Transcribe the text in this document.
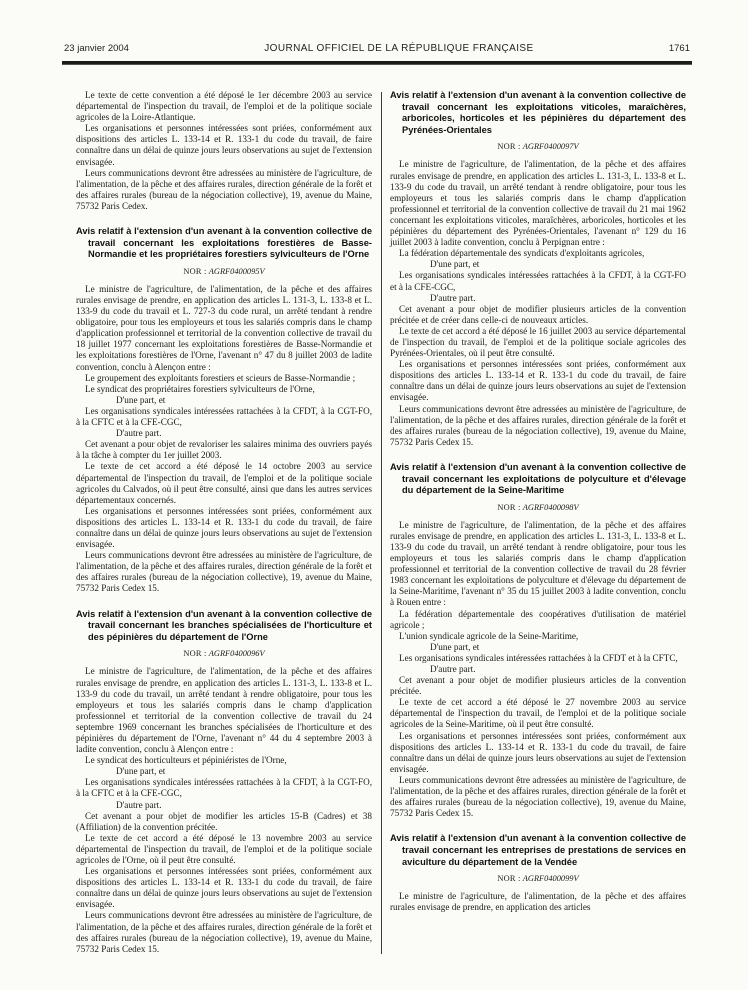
23 janvier 2004	JOURNAL OFFICIEL DE LA RÉPUBLIQUE FRANÇAISE	1761
Le texte de cette convention a été déposé le 1er décembre 2003 au service départemental de l'inspection du travail, de l'emploi et de la politique sociale agricoles de la Loire-Atlantique.
Les organisations et personnes intéressées sont priées, conformément aux dispositions des articles L. 133-14 et R. 133-1 du code du travail, de faire connaître dans un délai de quinze jours leurs observations au sujet de l'extension envisagée.
Leurs communications devront être adressées au ministère de l'agriculture, de l'alimentation, de la pêche et des affaires rurales, direction générale de la forêt et des affaires rurales (bureau de la négociation collective), 19, avenue du Maine, 75732 Paris Cedex.
Avis relatif à l'extension d'un avenant à la convention collective de travail concernant les exploitations forestières de Basse-Normandie et les propriétaires forestiers sylviculteurs de l'Orne
NOR : AGRF0400095V
Le ministre de l'agriculture, de l'alimentation, de la pêche et des affaires rurales envisage de prendre, en application des articles L. 131-3, L. 133-8 et L. 133-9 du code du travail et L. 727-3 du code rural, un arrêté tendant à rendre obligatoire, pour tous les employeurs et tous les salariés compris dans le champ d'application professionnel et territorial de la convention collective de travail du 18 juillet 1977 concernant les exploitations forestières de Basse-Normandie et les exploitations forestières de l'Orne, l'avenant n° 47 du 8 juillet 2003 de ladite convention, conclu à Alençon entre :
Le groupement des exploitants forestiers et scieurs de Basse-Normandie ;
Le syndicat des propriétaires forestiers sylviculteurs de l'Orne,
D'une part, et
Les organisations syndicales intéressées rattachées à la CFDT, à la CGT-FO, à la CFTC et à la CFE-CGC,
D'autre part.
Cet avenant a pour objet de revaloriser les salaires minima des ouvriers payés à la tâche à compter du 1er juillet 2003.
Le texte de cet accord a été déposé le 14 octobre 2003 au service départemental de l'inspection du travail, de l'emploi et de la politique sociale agricoles du Calvados, où il peut être consulté, ainsi que dans les autres services départementaux concernés.
Les organisations et personnes intéressées sont priées, conformément aux dispositions des articles L. 133-14 et R. 133-1 du code du travail, de faire connaître dans un délai de quinze jours leurs observations au sujet de l'extension envisagée.
Leurs communications devront être adressées au ministère de l'agriculture, de l'alimentation, de la pêche et des affaires rurales, direction générale de la forêt et des affaires rurales (bureau de la négociation collective), 19, avenue du Maine, 75732 Paris Cedex 15.
Avis relatif à l'extension d'un avenant à la convention collective de travail concernant les branches spécialisées de l'horticulture et des pépinières du département de l'Orne
NOR : AGRF0400096V
Le ministre de l'agriculture, de l'alimentation, de la pêche et des affaires rurales envisage de prendre, en application des articles L. 131-3, L. 133-8 et L. 133-9 du code du travail, un arrêté tendant à rendre obligatoire, pour tous les employeurs et tous les salariés compris dans le champ d'application professionnel et territorial de la convention collective de travail du 24 septembre 1969 concernant les branches spécialisées de l'horticulture et des pépinières du département de l'Orne, l'avenant n° 44 du 4 septembre 2003 à ladite convention, conclu à Alençon entre :
Le syndicat des horticulteurs et pépiniéristes de l'Orne,
D'une part, et
Les organisations syndicales intéressées rattachées à la CFDT, à la CGT-FO, à la CFTC et à la CFE-CGC,
D'autre part.
Cet avenant a pour objet de modifier les articles 15-B (Cadres) et 38 (Affiliation) de la convention précitée.
Le texte de cet accord a été déposé le 13 novembre 2003 au service départemental de l'inspection du travail, de l'emploi et de la politique sociale agricoles de l'Orne, où il peut être consulté.
Les organisations et personnes intéressées sont priées, conformément aux dispositions des articles L. 133-14 et R. 133-1 du code du travail, de faire connaître dans un délai de quinze jours leurs observations au sujet de l'extension envisagée.
Leurs communications devront être adressées au ministère de l'agriculture, de l'alimentation, de la pêche et des affaires rurales, direction générale de la forêt et des affaires rurales (bureau de la négociation collective), 19, avenue du Maine, 75732 Paris Cedex 15.
Avis relatif à l'extension d'un avenant à la convention collective de travail concernant les exploitations viticoles, maraîchères, arboricoles, horticoles et les pépinières du département des Pyrénées-Orientales
NOR : AGRF0400097V
Le ministre de l'agriculture, de l'alimentation, de la pêche et des affaires rurales envisage de prendre, en application des articles L. 131-3, L. 133-8 et L. 133-9 du code du travail, un arrêté tendant à rendre obligatoire, pour tous les employeurs et tous les salariés compris dans le champ d'application professionnel et territorial de la convention collective de travail du 21 mai 1962 concernant les exploitations viticoles, maraîchères, arboricoles, horticoles et les pépinières du département des Pyrénées-Orientales, l'avenant n° 129 du 16 juillet 2003 à ladite convention, conclu à Perpignan entre :
La fédération départementale des syndicats d'exploitants agricoles,
D'une part, et
Les organisations syndicales intéressées rattachées à la CFDT, à la CGT-FO et à la CFE-CGC,
D'autre part.
Cet avenant a pour objet de modifier plusieurs articles de la convention précitée et de créer dans celle-ci de nouveaux articles.
Le texte de cet accord a été déposé le 16 juillet 2003 au service départemental de l'inspection du travail, de l'emploi et de la politique sociale agricoles des Pyrénées-Orientales, où il peut être consulté.
Les organisations et personnes intéressées sont priées, conformément aux dispositions des articles L. 133-14 et R. 133-1 du code du travail, de faire connaître dans un délai de quinze jours leurs observations au sujet de l'extension envisagée.
Leurs communications devront être adressées au ministère de l'agriculture, de l'alimentation, de la pêche et des affaires rurales, direction générale de la forêt et des affaires rurales (bureau de la négociation collective), 19, avenue du Maine, 75732 Paris Cedex 15.
Avis relatif à l'extension d'un avenant à la convention collective de travail concernant les exploitations de polyculture et d'élevage du département de la Seine-Maritime
NOR : AGRF0400098V
Le ministre de l'agriculture, de l'alimentation, de la pêche et des affaires rurales envisage de prendre, en application des articles L. 131-3, L. 133-8 et L. 133-9 du code du travail, un arrêté tendant à rendre obligatoire, pour tous les employeurs et tous les salariés compris dans le champ d'application professionnel et territorial de la convention collective de travail du 28 février 1983 concernant les exploitations de polyculture et d'élevage du département de la Seine-Maritime, l'avenant n° 35 du 15 juillet 2003 à ladite convention, conclu à Rouen entre :
La fédération départementale des coopératives d'utilisation de matériel agricole ;
L'union syndicale agricole de la Seine-Maritime,
D'une part, et
Les organisations syndicales intéressées rattachées à la CFDT et à la CFTC,
D'autre part.
Cet avenant a pour objet de modifier plusieurs articles de la convention précitée.
Le texte de cet accord a été déposé le 27 novembre 2003 au service départemental de l'inspection du travail, de l'emploi et de la politique sociale agricoles de la Seine-Maritime, où il peut être consulté.
Les organisations et personnes intéressées sont priées, conformément aux dispositions des articles L. 133-14 et R. 133-1 du code du travail, de faire connaître dans un délai de quinze jours leurs observations au sujet de l'extension envisagée.
Leurs communications devront être adressées au ministère de l'agriculture, de l'alimentation, de la pêche et des affaires rurales, direction générale de la forêt et des affaires rurales (bureau de la négociation collective), 19, avenue du Maine, 75732 Paris Cedex 15.
Avis relatif à l'extension d'un avenant à la convention collective de travail concernant les entreprises de prestations de services en aviculture du département de la Vendée
NOR : AGRF0400099V
Le ministre de l'agriculture, de l'alimentation, de la pêche et des affaires rurales envisage de prendre, en application des articles
